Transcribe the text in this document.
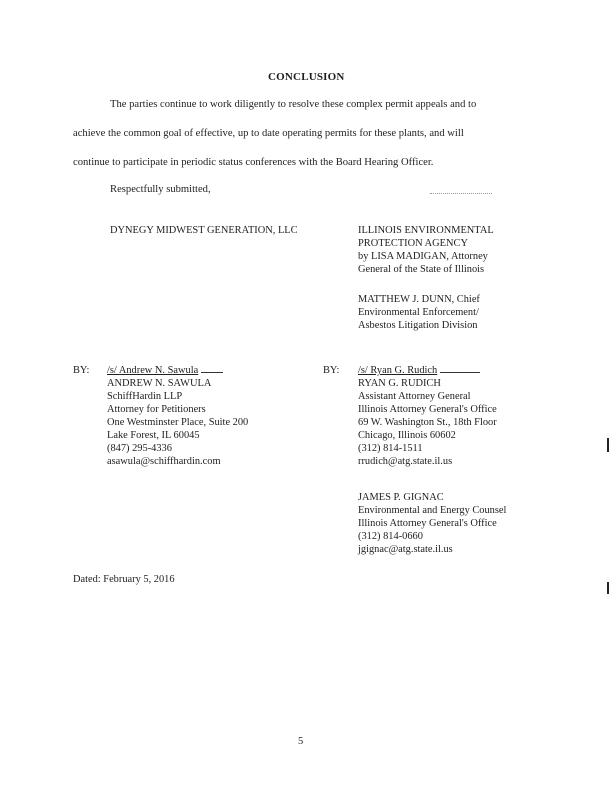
CONCLUSION
The parties continue to work diligently to resolve these complex permit appeals and to
achieve the common goal of effective, up to date operating permits for these plants, and will
continue to participate in periodic status conferences with the Board Hearing Officer.
Respectfully submitted,
DYNEGY MIDWEST GENERATION, LLC	ILLINOIS ENVIRONMENTAL
PROTECTION AGENCY
by LISA MADIGAN, Attorney
General of the State of Illinois
MATTHEW J. DUNN, Chief
Environmental Enforcement/
Asbestos Litigation Division
BY: /s/ Andrew N. Sawula
ANDREW N. SAWULA
SchiffHardin LLP
Attorney for Petitioners
One Westminster Place, Suite 200
Lake Forest, IL 60045
(847) 295-4336
asawula@schiffhardin.com
BY: /s/ Ryan G. Rudich
RYAN G. RUDICH
Assistant Attorney General
Illinois Attorney General's Office
69 W. Washington St., 18th Floor
Chicago, Illinois 60602
(312) 814-1511
rrudich@atg.state.il.us
JAMES P. GIGNAC
Environmental and Energy Counsel
Illinois Attorney General's Office
(312) 814-0660
jgignac@atg.state.il.us
Dated: February 5, 2016
5
